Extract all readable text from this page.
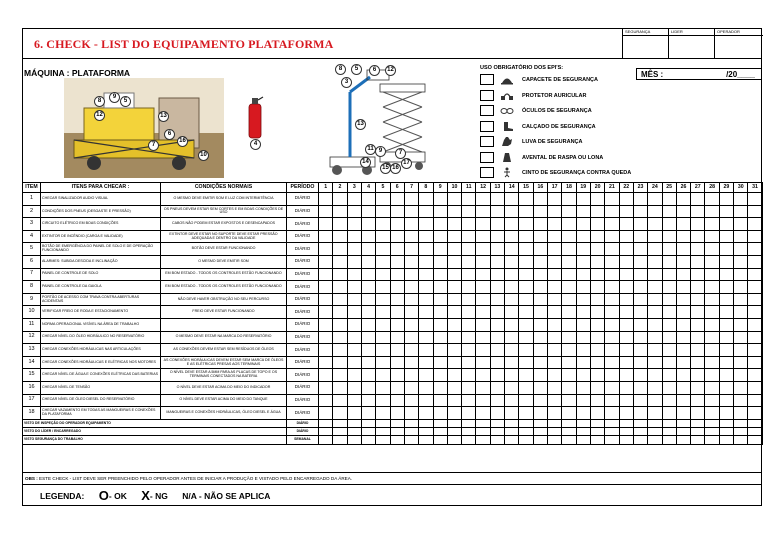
SEGURANÇA	LIDER	OPERADOR
6. CHECK - LIST DO EQUIPAMENTO PLATAFORMA
MÁQUINA : PLATAFORMA	MÊS :	/20____
8
9
5
12	13
6
16
7
10
4
8	5	6	12
3
13
11 9	7
14
15 16
17
USO OBRIGATÓRIO DOS EPI'S:
CAPACETE DE SEGURANÇA
PROTETOR AURICULAR
ÓCULOS DE SEGURANÇA
CALÇADO DE SEGURANÇA
LUVA DE SEGURANÇA
AVENTAL DE RASPA OU LONA
CINTO DE SEGURANÇA CONTRA QUEDA
ITEM	ITENS PARA CHECAR :	CONDIÇÕES NORMAIS	PERÍODO	1	2	3	4	5	6	7	8	9	10	11	12	13	14	15	16	17	18	19	20	21	22	23	24	25	26	27	28	29	30	31
1	CHECAR SINALIZADOR AUDIO VISUAL	O MESMO DEVE EMITIR SOM E LUZ COM INTERMITÊNCIA	DIÁRIO																															
2	CONDIÇÕES DOS PNEUS (DESGASTE E PRESSÃO)	OS PNEUS DEVEM ESTAR SEM CORTES E EM BOAS CONDIÇÕES DE USO	DIÁRIO																															
3	CIRCUITO ELÉTRICO EM BOAS CONDIÇÕES	CABOS NÃO PODEM ESTAR EXPOSTOS E DESENCAPADOS	DIÁRIO																															
4	EXTINTOR DE INCÊNDIO (CARGA E VALIDADE)	EXTINTOR DEVE ESTAR NO SUPORTE DEVE ESTAR PRESSÃO ADEQUADA E DENTRO DA VALIDADE	DIÁRIO																															
5	BOTÃO DE EMERGÊNCIA DO PAINEL DE SOLO E DE OPERAÇÃO FUNCIONANDO	BOTÃO DEVE ESTAR FUNCIONANDO	DIÁRIO																															
6	ALARMES: SUBIDA DESCIDA E INCLINAÇÃO	O MESMO DEVE EMITIR SOM	DIÁRIO																															
7	PAINEL DE CONTROLE DE SOLO	EM BOM ESTADO - TODOS OS CONTROLES ESTÃO FUNCIONANDO	DIÁRIO																															
8	PAINEL DE CONTROLE DA GAIOLA	EM BOM ESTADO - TODOS OS CONTROLES ESTÃO FUNCIONANDO	DIÁRIO																															
9	PORTÃO DE ACESSO COM TRAVA CONTRA ABERTURAS ACIDENTAIS	NÃO DEVE HAVER OBSTRUÇÃO NO SEU PERCURSO	DIÁRIO																															
10	VERIFICAR FREIO DE RODA E ESTACIONAMENTO	FREIO DEVE ESTAR FUNCIONANDO	DIÁRIO																															
11	NORMA OPERACIONAL VISÍVEL NA ÁREA DE TRABALHO		DIÁRIO																															
12	CHECAR NÍVEL DO ÓLEO HIDRÁULICO NO RESERVATÓRIO	O MESMO DEVE ESTAR NA MARCA DO RESERVATÓRIO	DIÁRIO																															
13	CHECAR CONEXÕES HIDRÁULICAS NAS ARTICULAÇÕES	AS CONEXÕES DEVEM ESTAR SEM RESÍDUOS DE ÓLEOS	DIÁRIO																															
14	CHECAR CONEXÕES HIDRÁULICAS E ELÉTRICAS NOS MOTORES	AS CONEXÕES HIDRÁULICAS DEVEM ESTAR SEM MARCA DE ÓLEOS E AS ELÉTRICAS PRESAS AOS TERMINAIS	DIÁRIO																															
15	CHECAR NÍVEL DE ÁGUA E CONEXÕES ELÉTRICAS DAS BATERIAS	O NÍVEL DEVE ESTAR A 5MM PARA AS PLACAS DE TOPO E OS TERMINAIS CONECTADOS NA BATERIA	DIÁRIO																															
16	CHECAR NÍVEL DE TENSÃO	O NÍVEL DEVE ESTAR ACIMA DO MEIO DO INDICADOR	DIÁRIO																															
17	CHECAR NÍVEL DE ÓLEO DIESEL DO RESERVATÓRIO	O NÍVEL DEVE ESTAR ACIMA DO MEIO DO TANQUE	DIÁRIO																															
18	CHECAR VAZAMENTO EM TODAS AS MANGUEIRAS E CONEXÕES DA PLATAFORMA	MANGUEIRAS E CONEXÕES HIDRÁULICAS, ÓLEO DIESEL E ÁGUA	DIÁRIO																															
VISTO DE INSPEÇÃO DO OPERADOR EQUIPAMENTO			DIÁRIO																															
VISTO DO LÍDER / ENCARREGADO			DIÁRIO																															
VISTO SEGURANÇA DO TRABALHO			SEMANAL																															
OBS : ESTE CHECK - LIST DEVE SER PREENCHIDO PELO OPERADOR ANTES DE INICIAR A PRODUÇÃO E VISTADO PELO ENCARREGADO DA ÁREA.
LEGENDA: O- OK X- NG N/A - NÃO SE APLICA
